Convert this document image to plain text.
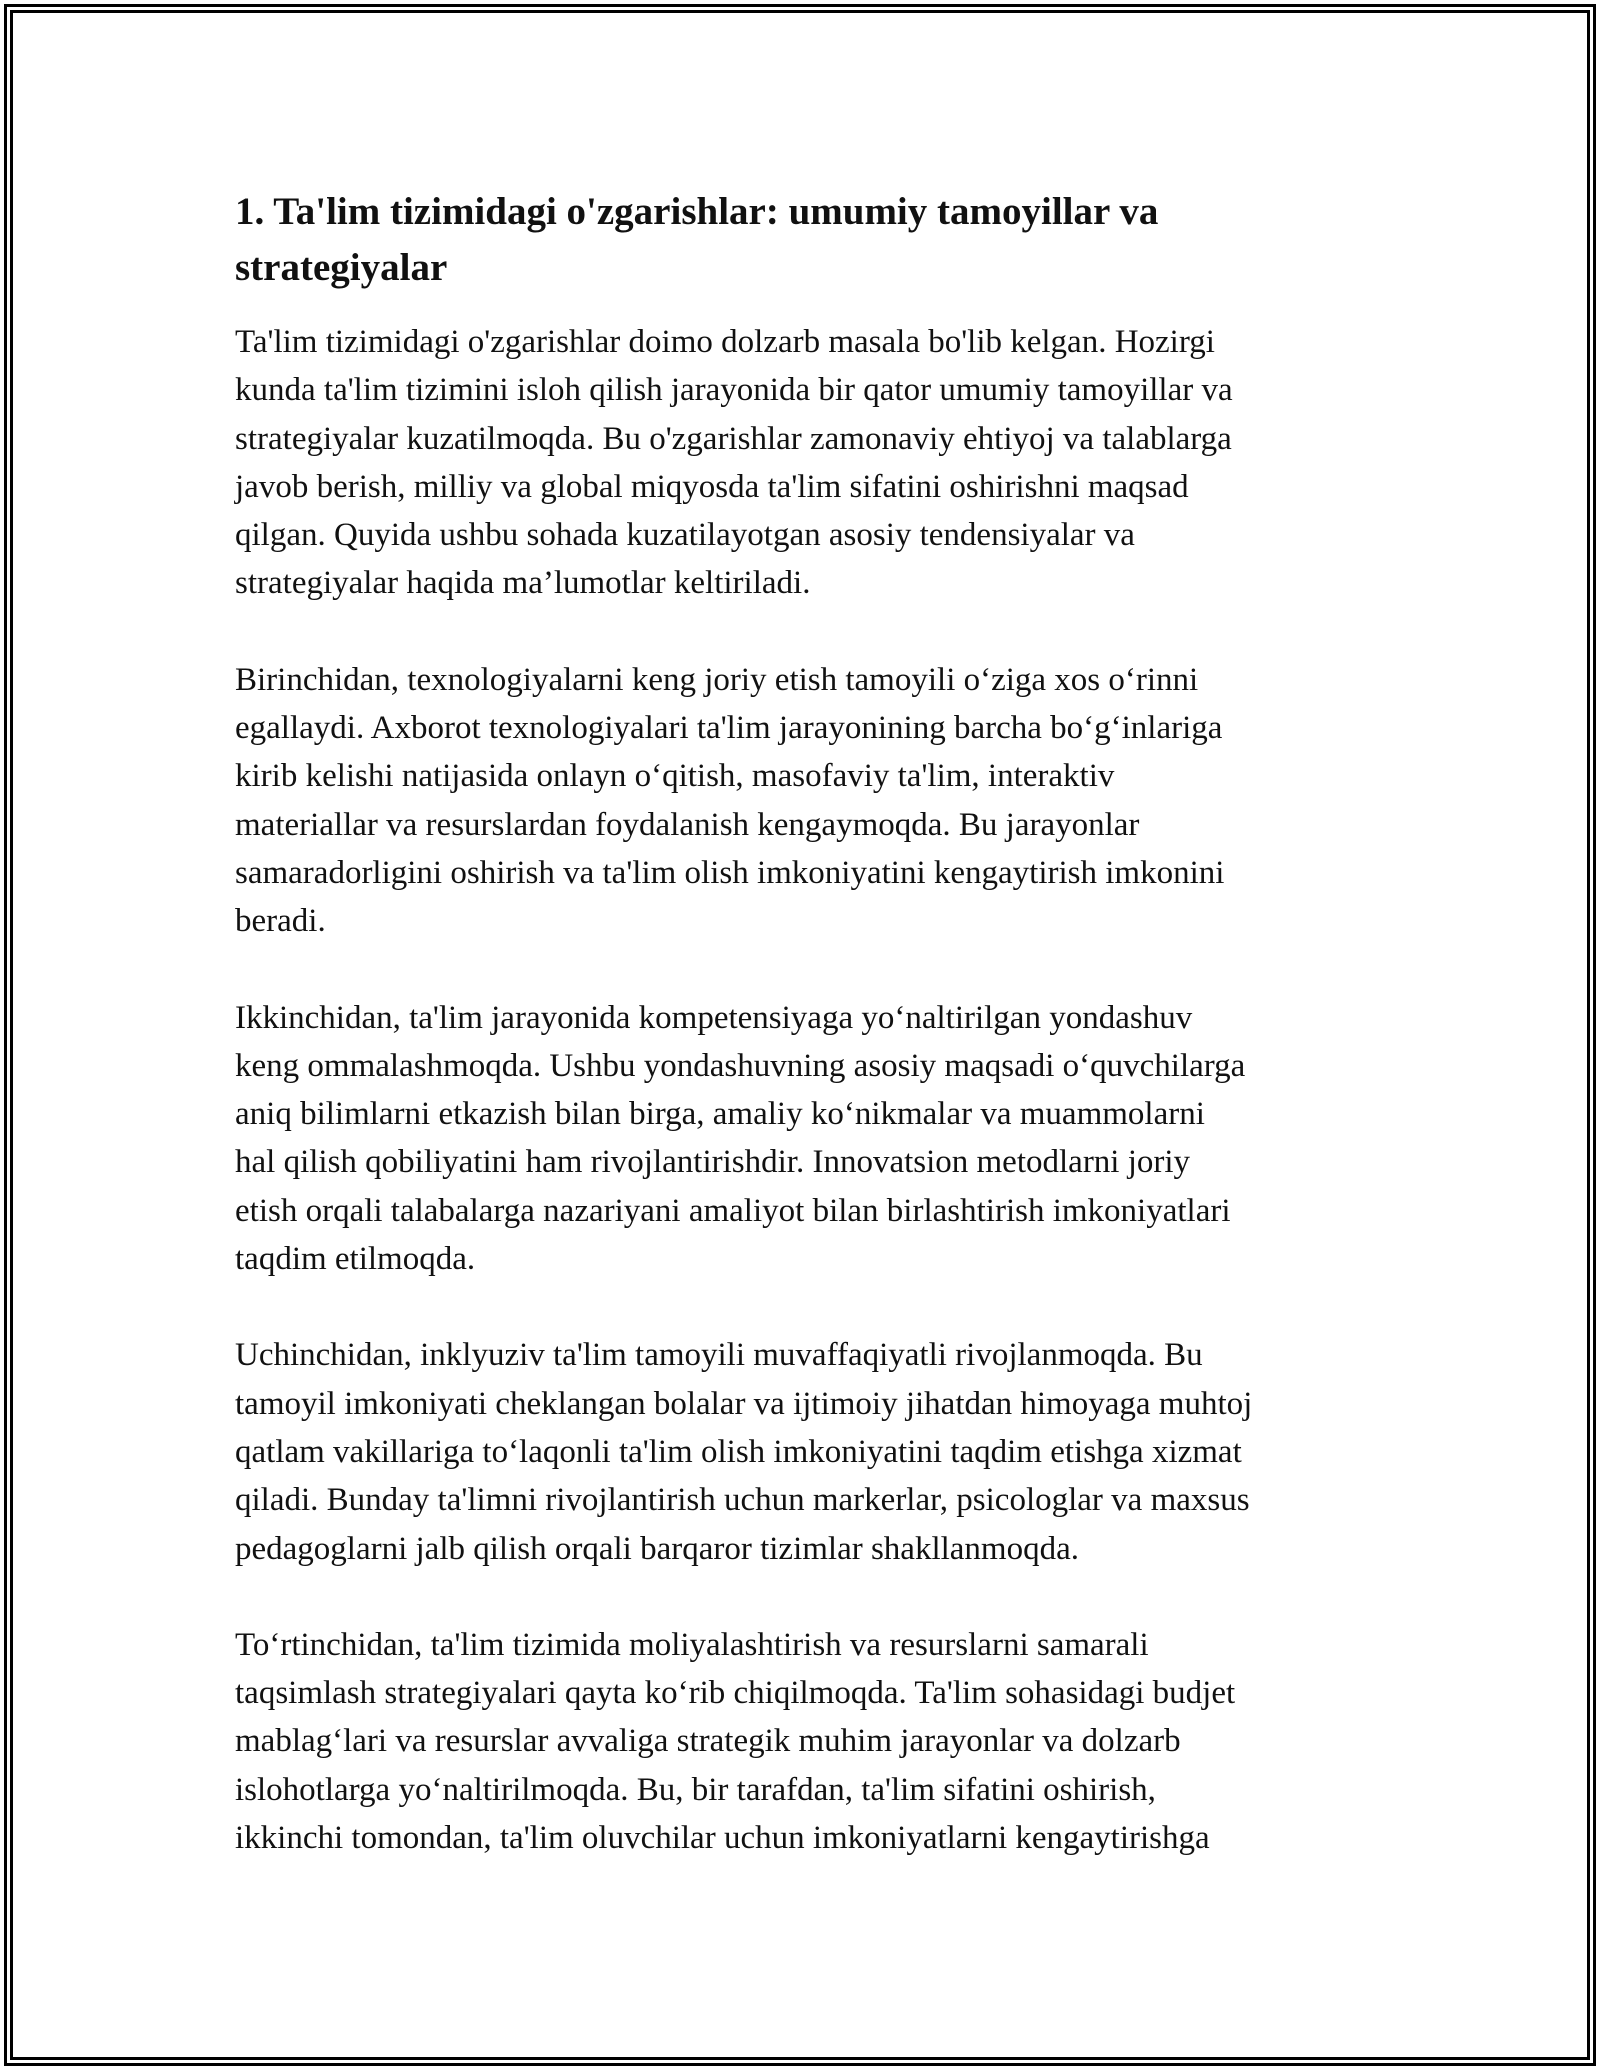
1. Ta'lim tizimidagi o'zgarishlar: umumiy tamoyillar va
strategiyalar

Ta'lim tizimidagi o'zgarishlar doimo dolzarb masala bo'lib kelgan. Hozirgi
kunda ta'lim tizimini isloh qilish jarayonida bir qator umumiy tamoyillar va
strategiyalar kuzatilmoqda. Bu o'zgarishlar zamonaviy ehtiyoj va talablarga
javob berish, milliy va global miqyosda ta'lim sifatini oshirishni maqsad
qilgan. Quyida ushbu sohada kuzatilayotgan asosiy tendensiyalar va
strategiyalar haqida ma’lumotlar keltiriladi.

Birinchidan, texnologiyalarni keng joriy etish tamoyili o‘ziga xos o‘rinni
egallaydi. Axborot texnologiyalari ta'lim jarayonining barcha bo‘g‘inlariga
kirib kelishi natijasida onlayn o‘qitish, masofaviy ta'lim, interaktiv
materiallar va resurslardan foydalanish kengaymoqda. Bu jarayonlar
samaradorligini oshirish va ta'lim olish imkoniyatini kengaytirish imkonini
beradi.

Ikkinchidan, ta'lim jarayonida kompetensiyaga yo‘naltirilgan yondashuv
keng ommalashmoqda. Ushbu yondashuvning asosiy maqsadi o‘quvchilarga
aniq bilimlarni etkazish bilan birga, amaliy ko‘nikmalar va muammolarni
hal qilish qobiliyatini ham rivojlantirishdir. Innovatsion metodlarni joriy
etish orqali talabalarga nazariyani amaliyot bilan birlashtirish imkoniyatlari
taqdim etilmoqda.

Uchinchidan, inklyuziv ta'lim tamoyili muvaffaqiyatli rivojlanmoqda. Bu
tamoyil imkoniyati cheklangan bolalar va ijtimoiy jihatdan himoyaga muhtoj
qatlam vakillariga to‘laqonli ta'lim olish imkoniyatini taqdim etishga xizmat
qiladi. Bunday ta'limni rivojlantirish uchun markerlar, psicologlar va maxsus
pedagoglarni jalb qilish orqali barqaror tizimlar shakllanmoqda.

To‘rtinchidan, ta'lim tizimida moliyalashtirish va resurslarni samarali
taqsimlash strategiyalari qayta ko‘rib chiqilmoqda. Ta'lim sohasidagi budjet
mablag‘lari va resurslar avvaliga strategik muhim jarayonlar va dolzarb
islohotlarga yo‘naltirilmoqda. Bu, bir tarafdan, ta'lim sifatini oshirish,
ikkinchi tomondan, ta'lim oluvchilar uchun imkoniyatlarni kengaytirishga
